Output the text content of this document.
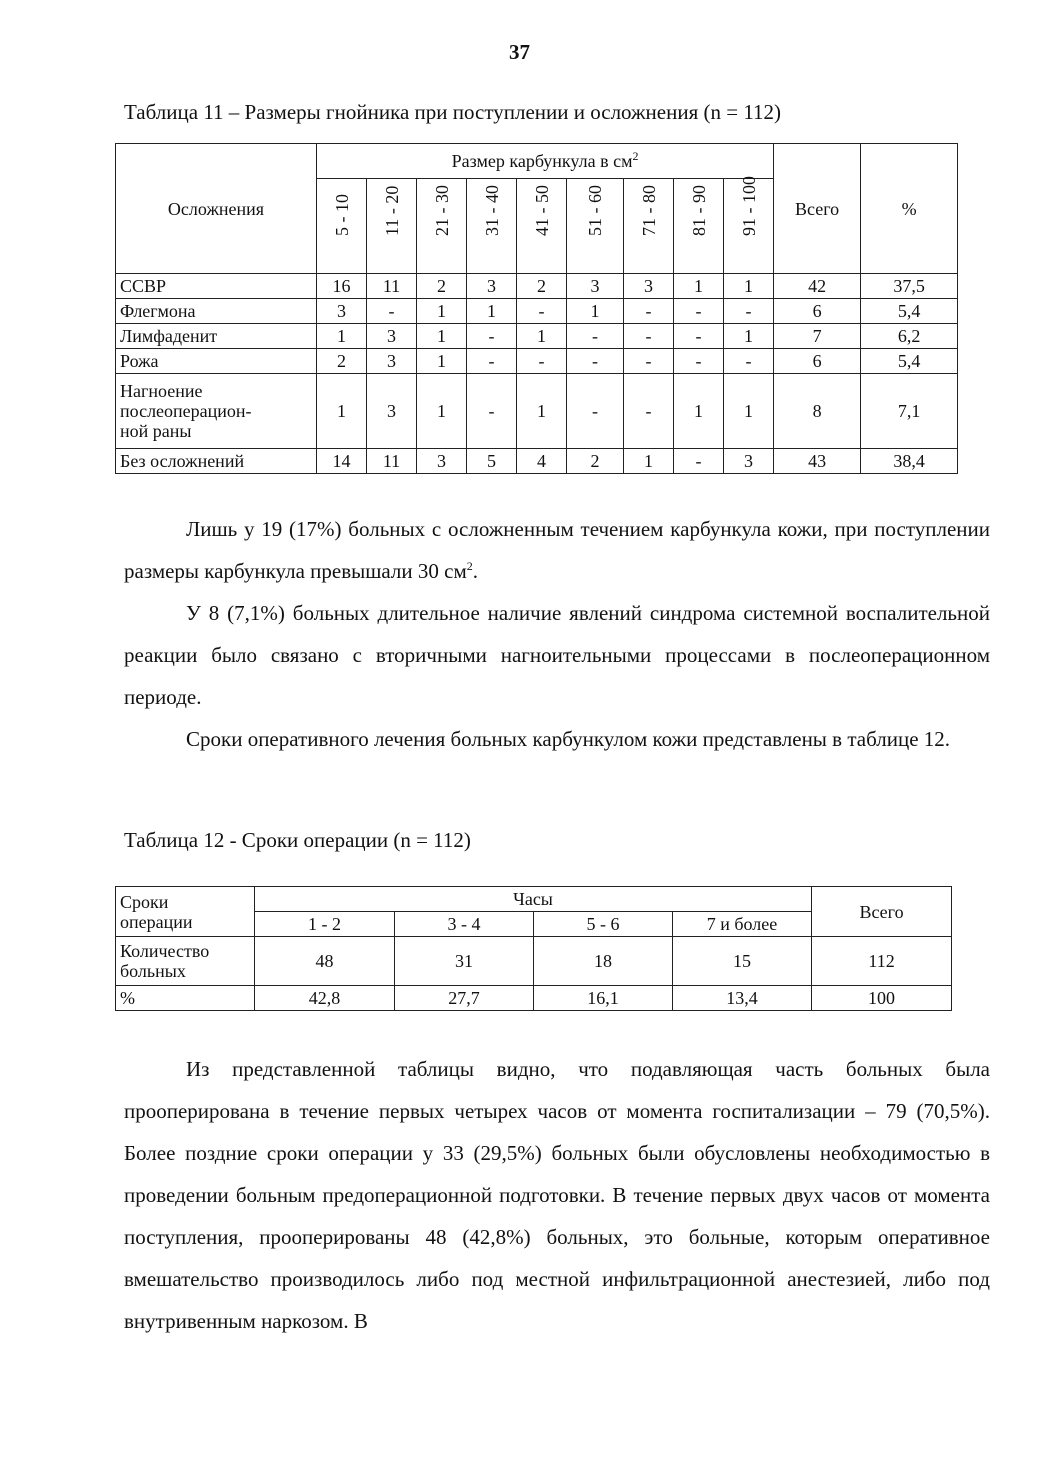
37
Таблица 11 – Размеры гнойника при поступлении и осложнения (n = 112)
Осложнения	Размер карбункула в $см^2$									Всего	%

	5 - 10	11 - 20	21 - 30	31 - 40	41 - 50	51 - 60	71 - 80	81 - 90	91 - 100		

ССВР	16	11	2	3	2	3	3	1	1	42	37,5
Флегмона	3	-	1	1	-	1	-	-	-	6	5,4
Лимфаденит	1	3	1	-	1	-	-	-	1	7	6,2
Рожа	2	3	1	-	-	-	-	-	-	6	5,4
Нагноение
послеоперацион-
ной раны	1	3	1	-	1	-	-	1	1	8	7,1
Без осложнений	14	11	3	5	4	2	1	-	3	43	38,4

Лишь у 19 (17%) больных с осложненным течением карбункула кожи, при поступлении размеры карбункула превышали 30 $см^2$.

У 8 (7,1%) больных длительное наличие явлений синдрома системной воспалительной реакции было связано с вторичными нагноительными процессами в послеоперационном периоде.

Сроки оперативного лечения больных карбункулом кожи представлены в таблице 12.

Таблица 12 - Сроки операции (n = 112)
Сроки
операции	Часы				Всего
	1 - 2	3 - 4	5 - 6	7 и более	
Количество
больных	48	31	18	15	112
%	42,8	27,7	16,1	13,4	100

Из представленной таблицы видно, что подавляющая часть больных была прооперирована в течение первых четырех часов от момента госпитализации – 79 (70,5%). Более поздние сроки операции у 33 (29,5%) больных были обусловлены необходимостью в проведении больным предоперационной подготовки. В течение первых двух часов от момента поступления, прооперированы 48 (42,8%) больных, это больные, которым оперативное вмешательство производилось либо под местной инфильтрационной анестезией, либо под внутривенным наркозом. В
